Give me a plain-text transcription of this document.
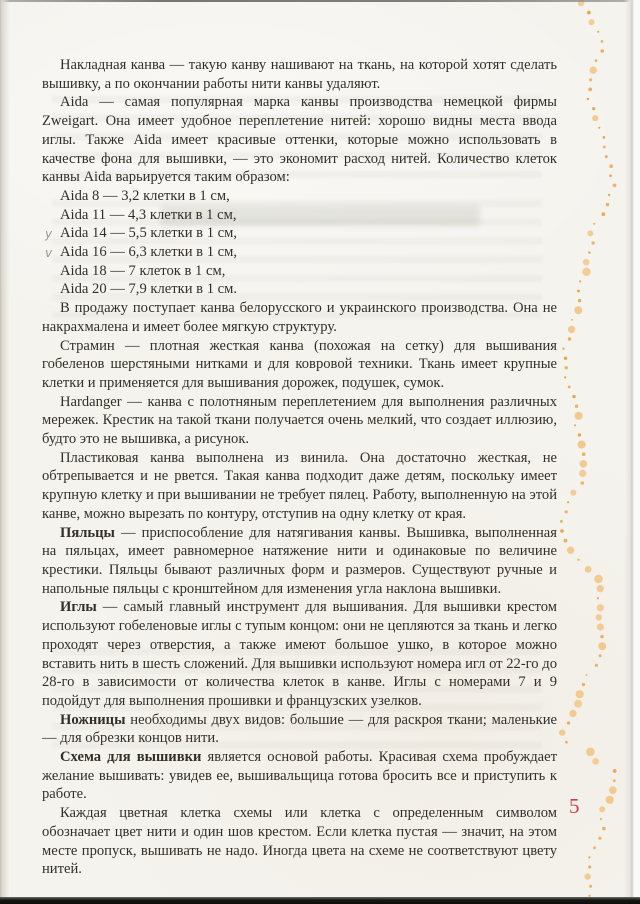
Накладная канва — такую канву нашивают на ткань, на которой хотят сделать вышивку, а по окончании работы нити канвы удаляют.

Aida — самая популярная марка канвы производства немецкой фирмы Zweigart. Она имеет удобное переплетение нитей: хорошо видны места ввода иглы. Также Aida имеет красивые оттенки, которые можно использовать в качестве фона для вышивки, — это экономит расход нитей. Количество клеток канвы Aida варьируется таким образом:

Aida 8 — 3,2 клетки в 1 см,

Aida 11 — 4,3 клетки в 1 см,

y Aida 14 — 5,5 клетки в 1 см,

v Aida 16 — 6,3 клетки в 1 см,

Aida 18 — 7 клеток в 1 см,

Aida 20 — 7,9 клетки в 1 см.

В продажу поступает канва белорусского и украинского производства. Она не накрахмалена и имеет более мягкую структуру.

Страмин — плотная жесткая канва (похожая на сетку) для вышивания гобеленов шерстяными нитками и для ковровой техники. Ткань имеет крупные клетки и применяется для вышивания дорожек, подушек, сумок.

Hardanger — канва с полотняным переплетением для выполнения различных мережек. Крестик на такой ткани получается очень мелкий, что создает иллюзию, будто это не вышивка, а рисунок.

Пластиковая канва выполнена из винила. Она достаточно жесткая, не обтрепывается и не рвется. Такая канва подходит даже детям, поскольку имеет крупную клетку и при вышивании не требует пялец. Работу, выполненную на этой канве, можно вырезать по контуру, отступив на одну клетку от края.

Пяльцы — приспособление для натягивания канвы. Вышивка, выполненная на пяльцах, имеет равномерное натяжение нити и одинаковые по величине крестики. Пяльцы бывают различных форм и размеров. Существуют ручные и напольные пяльцы с кронштейном для изменения угла наклона вышивки.

Иглы — самый главный инструмент для вышивания. Для вышивки крестом используют гобеленовые иглы с тупым концом: они не цепляются за ткань и легко проходят через отверстия, а также имеют большое ушко, в которое можно вставить нить в шесть сложений. Для вышивки используют номера игл от 22-го до 28-го в зависимости от количества клеток в канве. Иглы с номерами 7 и 9 подойдут для выполнения прошивки и французских узелков.

Ножницы необходимы двух видов: большие — для раскроя ткани; маленькие — для обрезки концов нити.

Схема для вышивки является основой работы. Красивая схема пробуждает желание вышивать: увидев ее, вышивальщица готова бросить все и приступить к работе.

Каждая цветная клетка схемы или клетка с определенным символом обозначает цвет нити и один шов крестом. Если клетка пустая — значит, на этом месте пропуск, вышивать не надо. Иногда цвета на схеме не соответствуют цвету нитей.

5
